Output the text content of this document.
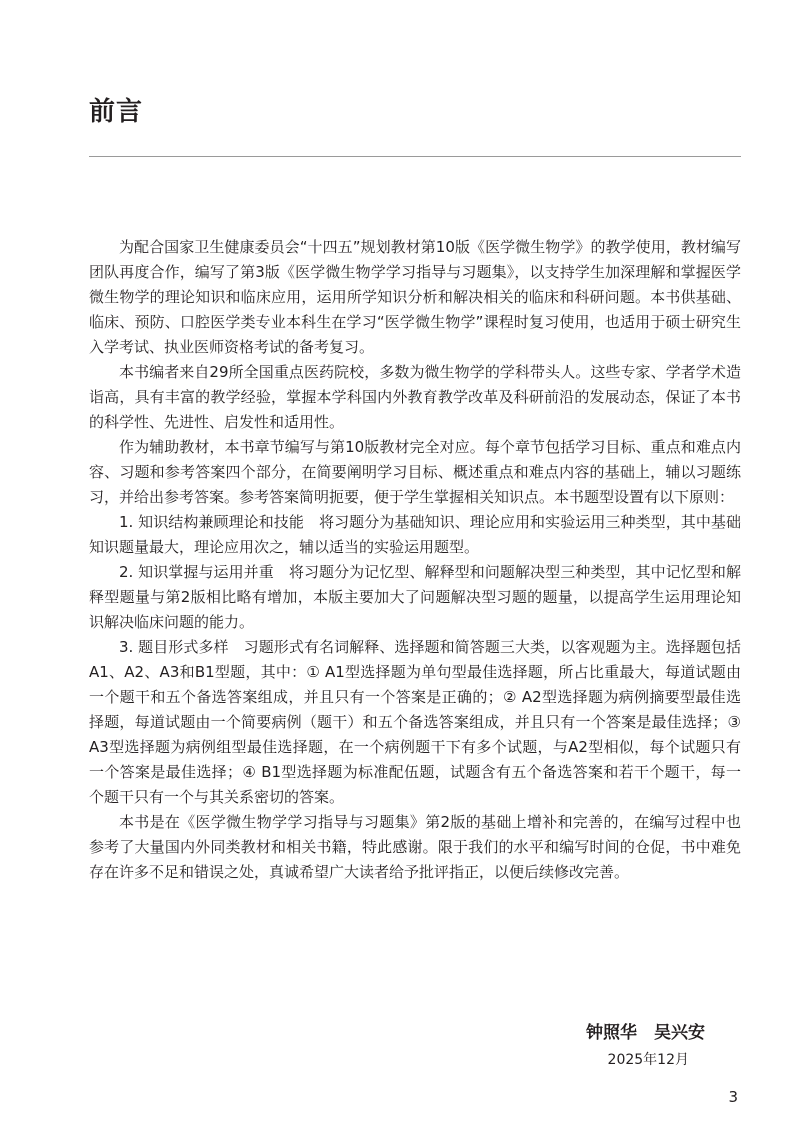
前言

为配合国家卫生健康委员会“十四五”规划教材第10版《医学微生物学》的教学使用，教材编写团队再度合作，编写了第3版《医学微生物学学习指导与习题集》，以支持学生加深理解和掌握医学微生物学的理论知识和临床应用，运用所学知识分析和解决相关的临床和科研问题。本书供基础、临床、预防、口腔医学类专业本科生在学习“医学微生物学”课程时复习使用，也适用于硕士研究生入学考试、执业医师资格考试的备考复习。

本书编者来自29所全国重点医药院校，多数为微生物学的学科带头人。这些专家、学者学术造诣高，具有丰富的教学经验，掌握本学科国内外教育教学改革及科研前沿的发展动态，保证了本书的科学性、先进性、启发性和适用性。

作为辅助教材，本书章节编写与第10版教材完全对应。每个章节包括学习目标、重点和难点内容、习题和参考答案四个部分，在简要阐明学习目标、概述重点和难点内容的基础上，辅以习题练习，并给出参考答案。参考答案简明扼要，便于学生掌握相关知识点。本书题型设置有以下原则：

1. 知识结构兼顾理论和技能　将习题分为基础知识、理论应用和实验运用三种类型，其中基础知识题量最大，理论应用次之，辅以适当的实验运用题型。

2. 知识掌握与运用并重　将习题分为记忆型、解释型和问题解决型三种类型，其中记忆型和解释型题量与第2版相比略有增加，本版主要加大了问题解决型习题的题量，以提高学生运用理论知识解决临床问题的能力。

3. 题目形式多样　习题形式有名词解释、选择题和简答题三大类，以客观题为主。选择题包括A1、A2、A3和B1型题，其中：① A1型选择题为单句型最佳选择题，所占比重最大，每道试题由一个题干和五个备选答案组成，并且只有一个答案是正确的；② A2型选择题为病例摘要型最佳选择题，每道试题由一个简要病例（题干）和五个备选答案组成，并且只有一个答案是最佳选择；③ A3型选择题为病例组型最佳选择题，在一个病例题干下有多个试题，与A2型相似，每个试题只有一个答案是最佳选择；④ B1型选择题为标准配伍题，试题含有五个备选答案和若干个题干，每一个题干只有一个与其关系密切的答案。

本书是在《医学微生物学学习指导与习题集》第2版的基础上增补和完善的，在编写过程中也参考了大量国内外同类教材和相关书籍，特此感谢。限于我们的水平和编写时间的仓促，书中难免存在许多不足和错误之处，真诚希望广大读者给予批评指正，以便后续修改完善。

钟照华　吴兴安

2025年12月

3
